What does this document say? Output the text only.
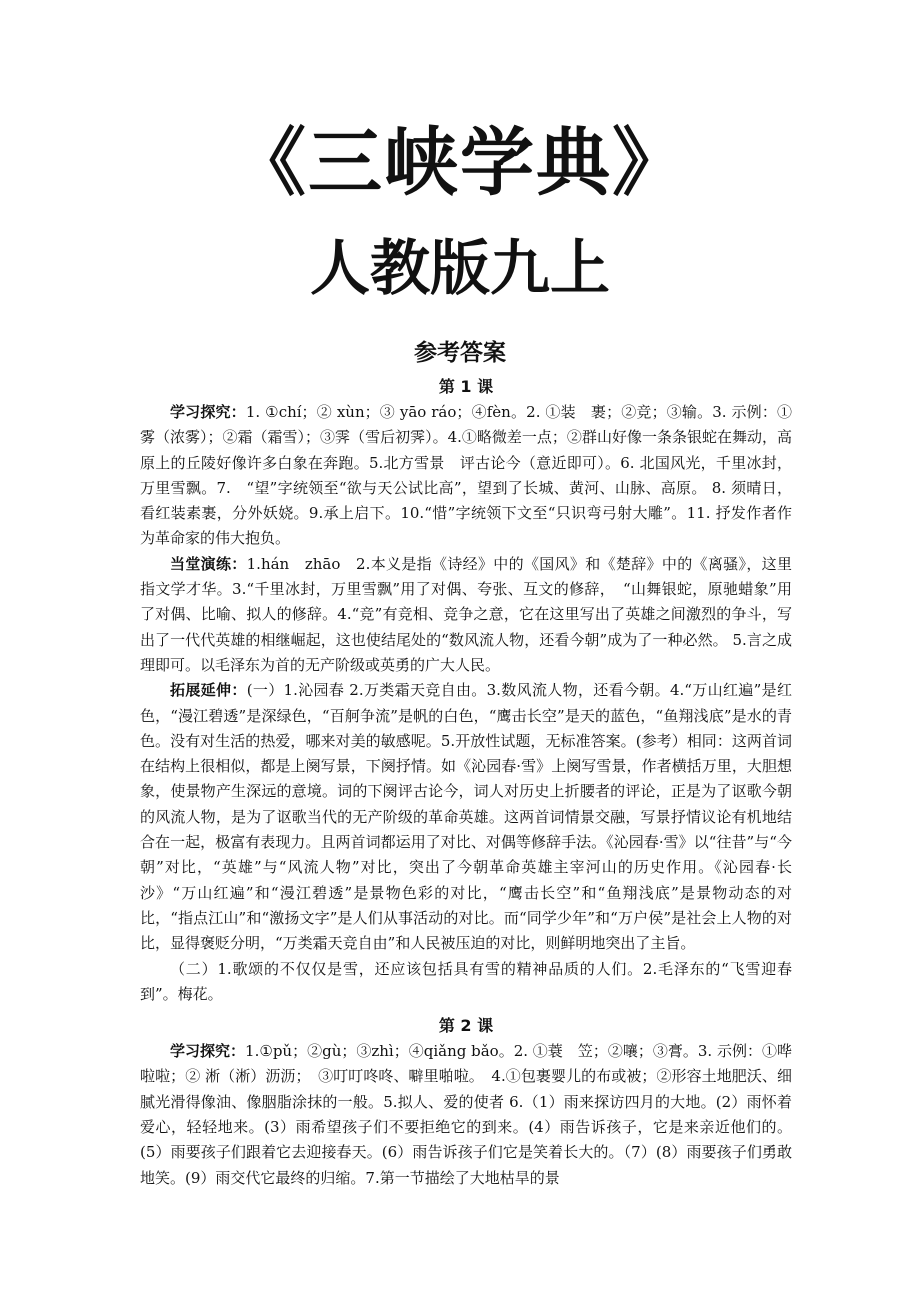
《三峡学典》
人教版九上
参考答案

第 1 课

学习探究：1. ①chí；② xùn；③ yāo ráo；④fèn。2. ①装　裹；②竞；③输。3. 示例：①雾（浓雾）；②霜（霜雪）；③霁（雪后初霁）。4.①略微差一点；②群山好像一条条银蛇在舞动，高原上的丘陵好像许多白象在奔跑。5.北方雪景　评古论今（意近即可）。6. 北国风光，千里冰封，万里雪飘。7.　“望”字统领至“欲与天公试比高”，望到了长城、黄河、山脉、高原。 8. 须晴日，看红装素裹，分外妖娆。9.承上启下。10.“惜”字统领下文至“只识弯弓射大雕”。11. 抒发作者作为革命家的伟大抱负。

当堂演练：1.hán　zhāo　2.本义是指《诗经》中的《国风》和《楚辞》中的《离骚》，这里指文学才华。3.“千里冰封，万里雪飘”用了对偶、夸张、互文的修辞，　“山舞银蛇，原驰蜡象”用了对偶、比喻、拟人的修辞。4.“竞”有竞相、竞争之意，它在这里写出了英雄之间激烈的争斗，写出了一代代英雄的相继崛起，这也使结尾处的“数风流人物，还看今朝”成为了一种必然。 5.言之成理即可。以毛泽东为首的无产阶级或英勇的广大人民。

拓展延伸：(一）1.沁园春 2.万类霜天竞自由。3.数风流人物，还看今朝。4.“万山红遍”是红色，“漫江碧透”是深绿色，“百舸争流”是帆的白色，“鹰击长空”是天的蓝色，“鱼翔浅底”是水的青色。没有对生活的热爱，哪来对美的敏感呢。5.开放性试题，无标准答案。(参考）相同：这两首词在结构上很相似，都是上阕写景，下阕抒情。如《沁园春·雪》上阕写雪景，作者横括万里，大胆想象，使景物产生深远的意境。词的下阕评古论今，词人对历史上折腰者的评论，正是为了讴歌今朝的风流人物，是为了讴歌当代的无产阶级的革命英雄。这两首词情景交融，写景抒情议论有机地结合在一起，极富有表现力。且两首词都运用了对比、对偶等修辞手法。《沁园春·雪》以“往昔”与“今朝”对比，“英雄”与“风流人物”对比，突出了今朝革命英雄主宰河山的历史作用。《沁园春·长沙》“万山红遍”和“漫江碧透”是景物色彩的对比，“鹰击长空”和“鱼翔浅底”是景物动态的对比，“指点江山”和“激扬文字”是人们从事活动的对比。而“同学少年”和“万户侯”是社会上人物的对比，显得褒贬分明，“万类霜天竞自由”和人民被压迫的对比，则鲜明地突出了主旨。

（二）1.歌颂的不仅仅是雪，还应该包括具有雪的精神品质的人们。2.毛泽东的“飞雪迎春到”。梅花。

第 2 课

学习探究：1.①pǔ；②gù；③zhì；④qiǎng bǎo。2. ①蓑　笠；②嚷；③膏。3. 示例：①哗啦啦；② 淅（淅）沥沥；　③叮叮咚咚、噼里啪啦。　4.①包裹婴儿的布或被；②形容土地肥沃、细腻光滑得像油、像胭脂涂抹的一般。5.拟人、爱的使者 6.（1）雨来探访四月的大地。(2）雨怀着爱心，轻轻地来。(3）雨希望孩子们不要拒绝它的到来。(4）雨告诉孩子，它是来亲近他们的。(5）雨要孩子们跟着它去迎接春天。(6）雨告诉孩子们它是笑着长大的。（7）(8）雨要孩子们勇敢地笑。(9）雨交代它最终的归缩。7.第一节描绘了大地枯旱的景
